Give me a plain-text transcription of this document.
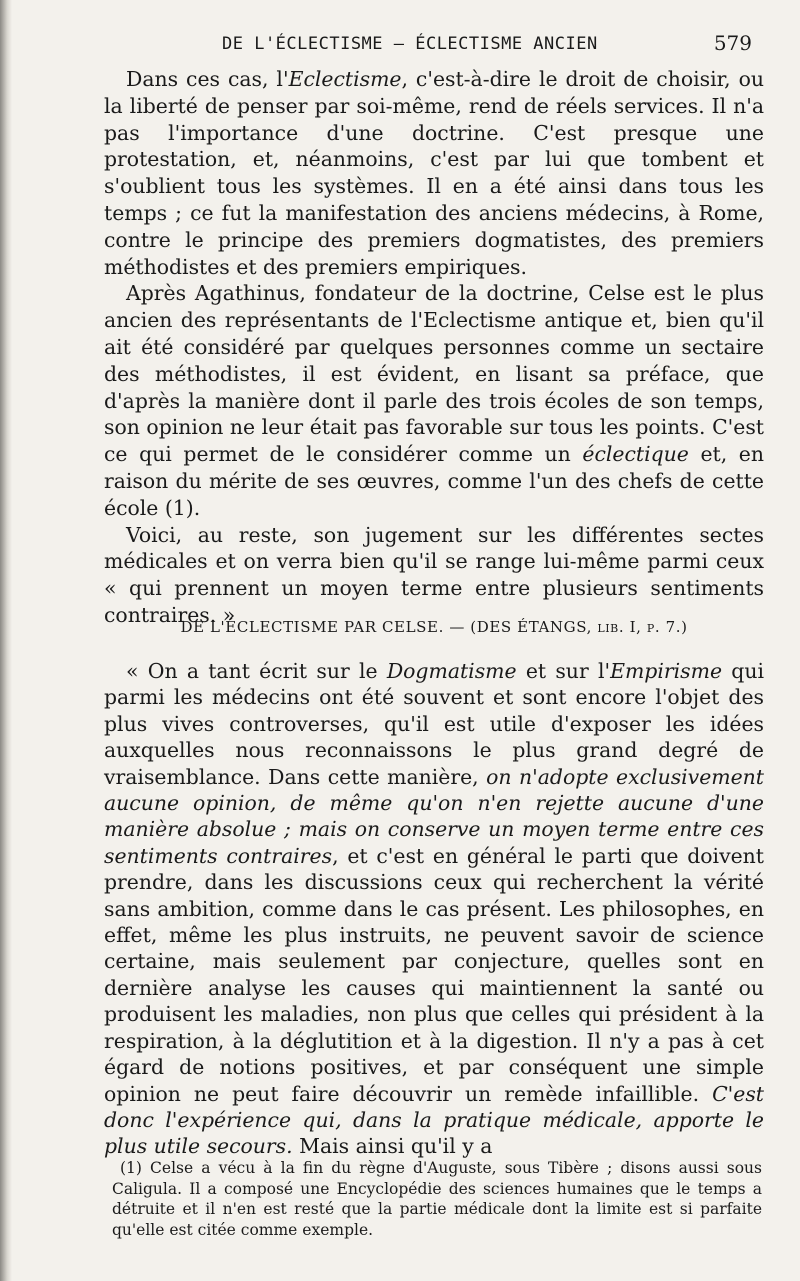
DE L'ÉCLECTISME — ÉCLECTISME ANCIEN	579

Dans ces cas, l'Eclectisme, c'est-à-dire le droit de choisir, ou la liberté de penser par soi-même, rend de réels services. Il n'a pas l'importance d'une doctrine. C'est presque une protestation, et, néanmoins, c'est par lui que tombent et s'oublient tous les systèmes. Il en a été ainsi dans tous les temps ; ce fut la manifestation des anciens médecins, à Rome, contre le principe des premiers dogmatistes, des premiers méthodistes et des premiers empiriques.

Après Agathinus, fondateur de la doctrine, Celse est le plus ancien des représentants de l'Eclectisme antique et, bien qu'il ait été considéré par quelques personnes comme un sectaire des méthodistes, il est évident, en lisant sa préface, que d'après la manière dont il parle des trois écoles de son temps, son opinion ne leur était pas favorable sur tous les points. C'est ce qui permet de le considérer comme un éclectique et, en raison du mérite de ses œuvres, comme l'un des chefs de cette école (1).

Voici, au reste, son jugement sur les différentes sectes médicales et on verra bien qu'il se range lui-même parmi ceux « qui prennent un moyen terme entre plusieurs sentiments contraires. »

DE L'ÉCLECTISME PAR CELSE. — (DES ÉTANGS, lib. I, p. 7.)

« On a tant écrit sur le Dogmatisme et sur l'Empirisme qui parmi les médecins ont été souvent et sont encore l'objet des plus vives controverses, qu'il est utile d'exposer les idées auxquelles nous reconnaissons le plus grand degré de vraisemblance. Dans cette manière, on n'adopte exclusivement aucune opinion, de même qu'on n'en rejette aucune d'une manière absolue ; mais on conserve un moyen terme entre ces sentiments contraires, et c'est en général le parti que doivent prendre, dans les discussions ceux qui recherchent la vérité sans ambition, comme dans le cas présent. Les philosophes, en effet, même les plus instruits, ne peuvent savoir de science certaine, mais seulement par conjecture, quelles sont en dernière analyse les causes qui maintiennent la santé ou produisent les maladies, non plus que celles qui président à la respiration, à la déglutition et à la digestion. Il n'y a pas à cet égard de notions positives, et par conséquent une simple opinion ne peut faire découvrir un remède infaillible. C'est donc l'expérience qui, dans la pratique médicale, apporte le plus utile secours. Mais ainsi qu'il y a

(1) Celse a vécu à la fin du règne d'Auguste, sous Tibère ; disons aussi sous Caligula. Il a composé une Encyclopédie des sciences humaines que le temps a détruite et il n'en est resté que la partie médicale dont la limite est si parfaite qu'elle est citée comme exemple.
